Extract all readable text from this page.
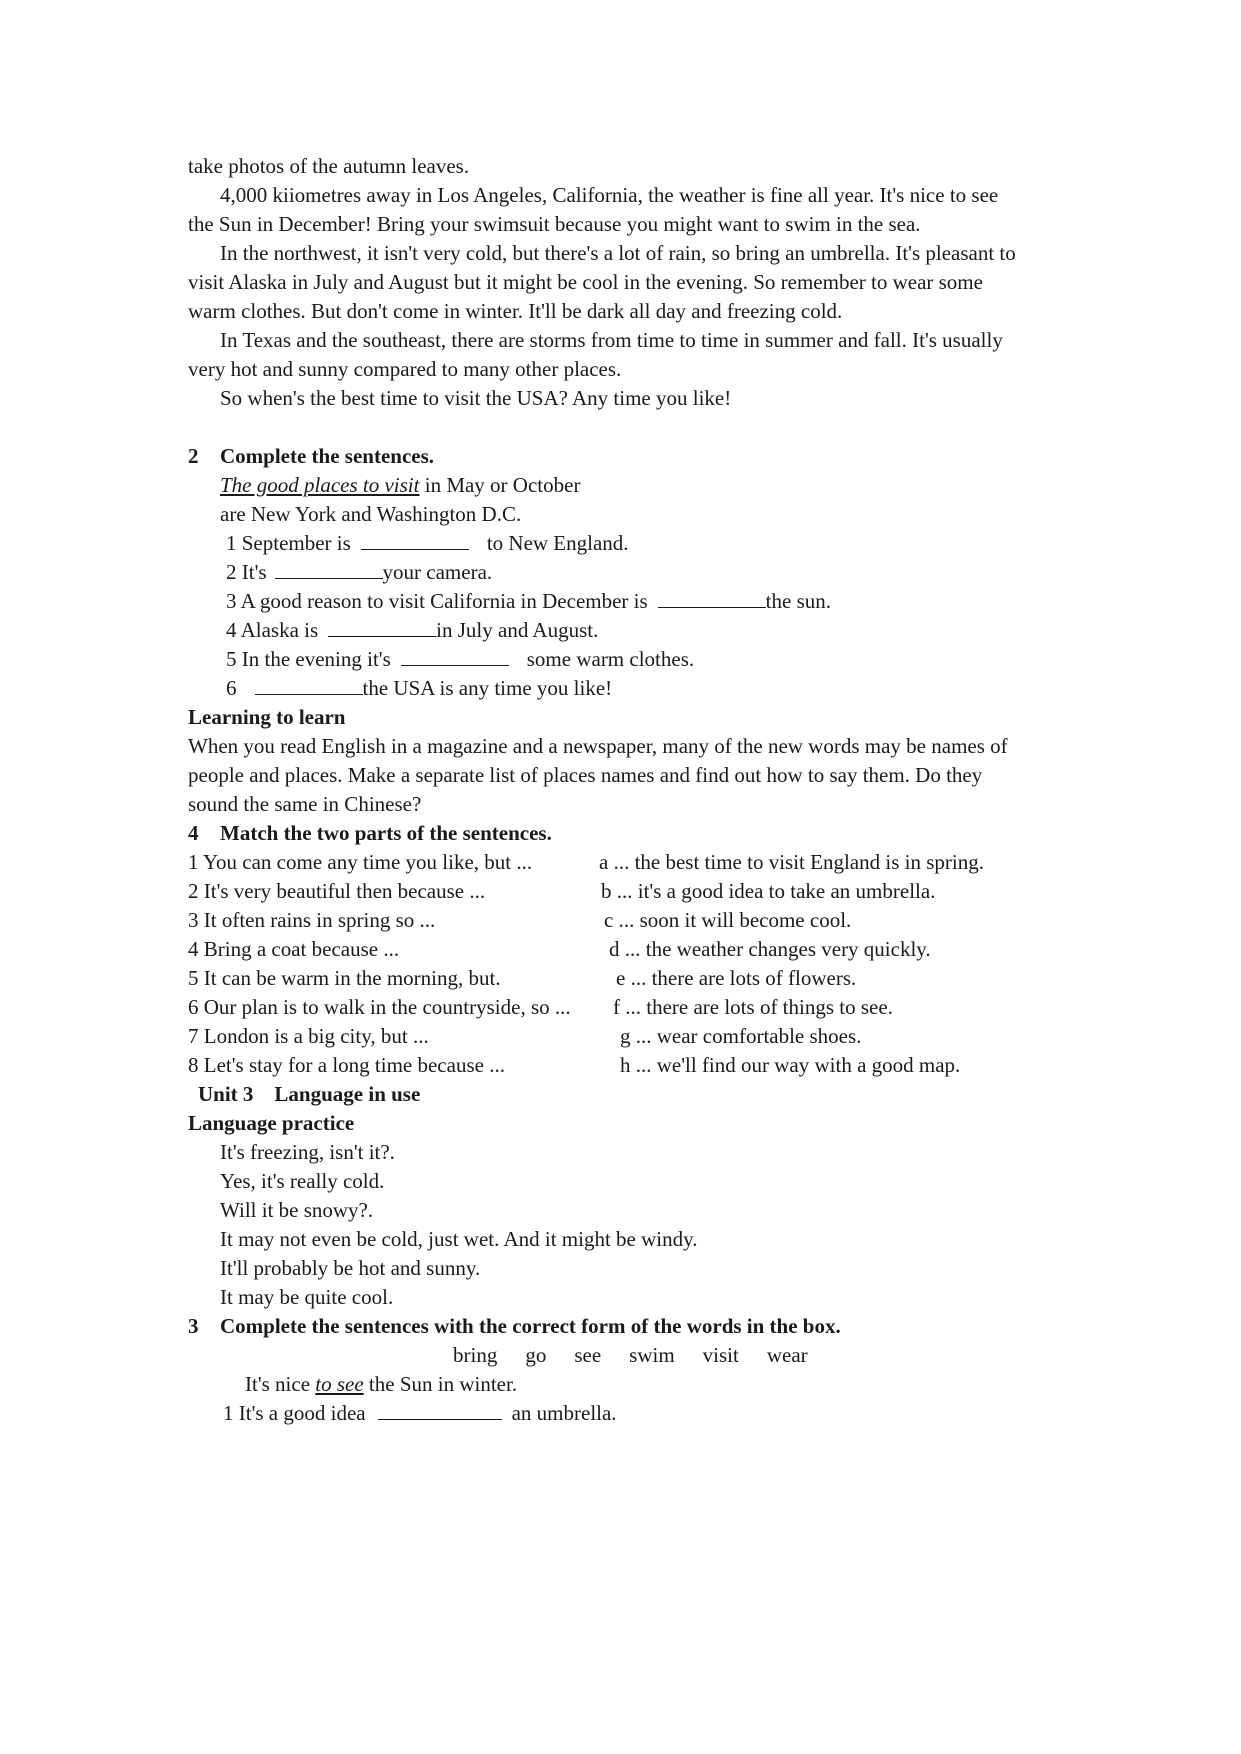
take photos of the autumn leaves.
4,000 kiiometres away in Los Angeles, California, the weather is fine all year. It's nice to see
the Sun in December! Bring your swimsuit because you might want to swim in the sea.
In the northwest, it isn't very cold, but there's a lot of rain, so bring an umbrella. It's pleasant to
visit Alaska in July and August but it might be cool in the evening. So remember to wear some
warm clothes. But don't come in winter. It'll be dark all day and freezing cold.
In Texas and the southeast, there are storms from time to time in summer and fall. It's usually
very hot and sunny compared to many other places.
So when's the best time to visit the USA? Any time you like!
2 Complete the sentences.
The good places to visit in May or October
are New York and Washington D.C.
1 September is	to New England.
2 It's	your camera.
3 A good reason to visit California in December is	the sun.
4 Alaska is	in July and August.
5 In the evening it's	some warm clothes.
6	the USA is any time you like!
Learning to learn
When you read English in a magazine and a newspaper, many of the new words may be names of
people and places. Make a separate list of places names and find out how to say them. Do they
sound the same in Chinese?
4 Match the two parts of the sentences.
1 You can come any time you like, but ...	a ... the best time to visit England is in spring.
2 It's very beautiful then because ...	b ... it's a good idea to take an umbrella.
3 It often rains in spring so ...	c ... soon it will become cool.
4 Bring a coat because ...	d ... the weather changes very quickly.
5 It can be warm in the morning, but.	e ... there are lots of flowers.
6 Our plan is to walk in the countryside, so ... f ... there are lots of things to see.
7 London is a big city, but ...	g ... wear comfortable shoes.
8 Let's stay for a long time because ...	h ... we'll find our way with a good map.
Unit 3    Language in use
Language practice
It's freezing, isn't it?.
Yes, it's really cold.
Will it be snowy?.
It may not even be cold, just wet. And it might be windy.
It'll probably be hot and sunny.
It may be quite cool.
3 Complete the sentences with the correct form of the words in the box.
bring go see swim visit wear
It's nice to see the Sun in winter.
1 It's a good idea	an umbrella.
